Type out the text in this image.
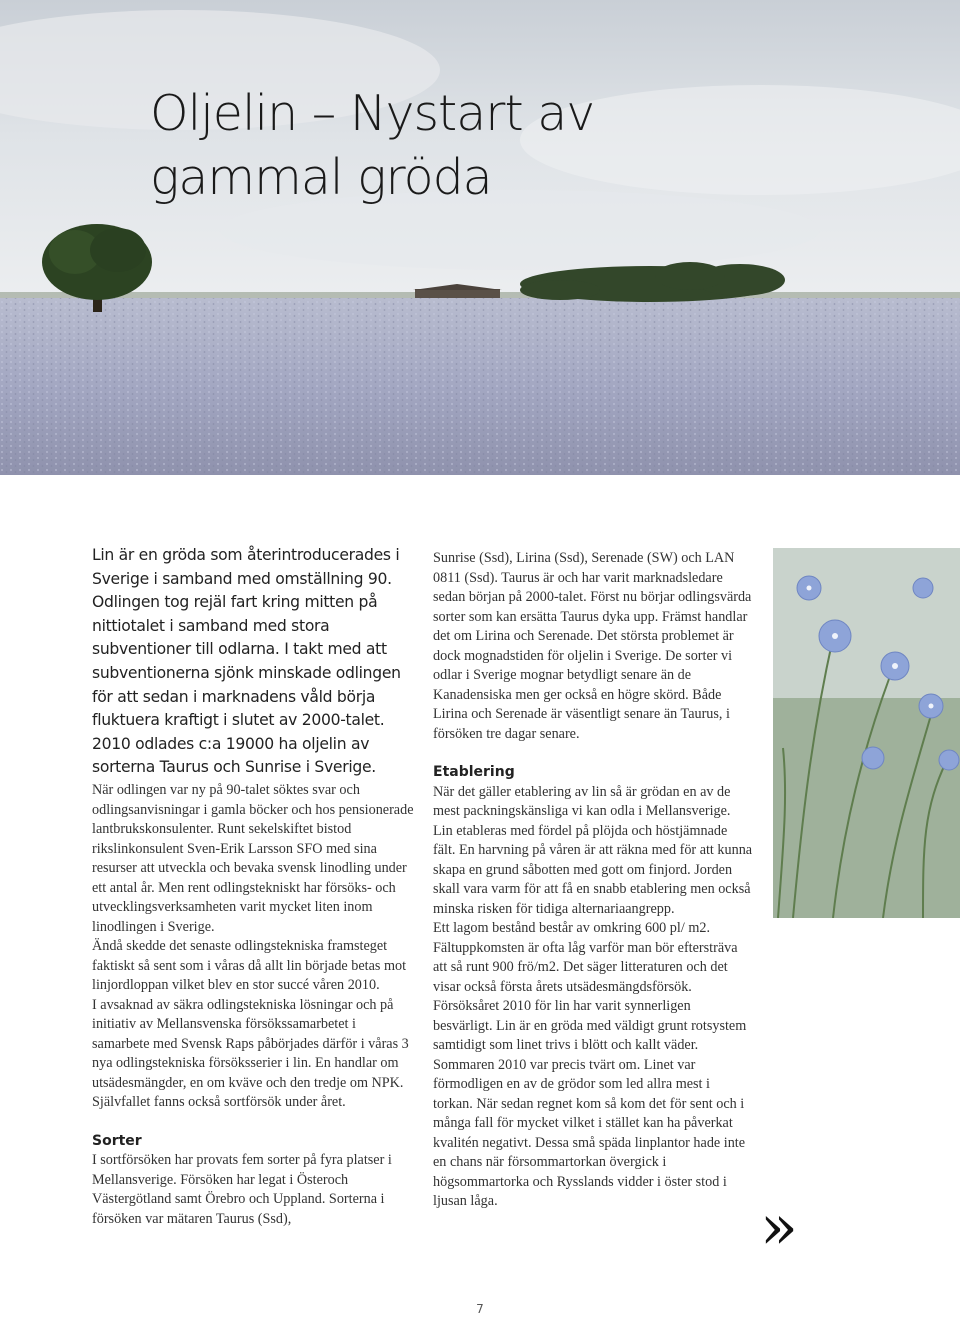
Oljelin – Nystart av
gammal gröda

Lin är en gröda som återintroducerades i Sverige i samband med omställning 90. Odlingen tog rejäl fart kring mitten på nittiotalet i samband med stora subventioner till odlarna. I takt med att subventionerna sjönk minskade odlingen för att sedan i marknadens våld börja fluktuera kraftigt i slutet av 2000-talet. 2010 odlades c:a 19000 ha oljelin av sorterna Taurus och Sunrise i Sverige.

När odlingen var ny på 90-talet söktes svar och odlingsanvisningar i gamla böcker och hos pensionerade lantbrukskonsulenter. Runt sekelskiftet bistod rikslinkonsulent Sven-Erik Larsson SFO med sina resurser att utveckla och bevaka svensk linodling under ett antal år. Men rent odlingstekniskt har försöks- och utvecklingsverksamheten varit mycket liten inom linodlingen i Sverige.

Ändå skedde det senaste odlingstekniska framsteget faktiskt så sent som i våras då allt lin började betas mot linjordloppan vilket blev en stor succé våren 2010.

I avsaknad av säkra odlingstekniska lösningar och på initiativ av Mellansvenska försökssamarbetet i samarbete med Svensk Raps påbörjades därför i våras 3 nya odlingstekniska försöksserier i lin. En handlar om utsädesmängder, en om kväve och den tredje om NPK. Självfallet fanns också sortförsök under året.

Sorter

I sortförsöken har provats fem sorter på fyra platser i Mellansverige. Försöken har legat i Österoch Västergötland samt Örebro och Uppland. Sorterna i försöken var mätaren Taurus (Ssd),

Sunrise (Ssd), Lirina (Ssd), Serenade (SW) och LAN 0811 (Ssd). Taurus är och har varit marknadsledare sedan början på 2000-talet. Först nu börjar odlingsvärda sorter som kan ersätta Taurus dyka upp. Främst handlar det om Lirina och Serenade. Det största problemet är dock mognadstiden för oljelin i Sverige. De sorter vi odlar i Sverige mognar betydligt senare än de Kanadensiska men ger också en högre skörd. Både Lirina och Serenade är väsentligt senare än Taurus, i försöken tre dagar senare.

Etablering

När det gäller etablering av lin så är grödan en av de mest packningskänsliga vi kan odla i Mellansverige. Lin etableras med fördel på plöjda och höstjämnade fält. En harvning på våren är att räkna med för att kunna skapa en grund såbotten med gott om finjord. Jorden skall vara varm för att få en snabb etablering men också minska risken för tidiga alternariaangrepp.

Ett lagom bestånd består av omkring 600 pl/ m2. Fältuppkomsten är ofta låg varför man bör eftersträva att så runt 900 frö/m2. Det säger litteraturen och det visar också första årets utsädesmängdsförsök.

Försöksåret 2010 för lin har varit synnerligen besvärligt. Lin är en gröda med väldigt grunt rotsystem samtidigt som linet trivs i blött och kallt väder. Sommaren 2010 var precis tvärt om. Linet var förmodligen en av de grödor som led allra mest i torkan. När sedan regnet kom så kom det för sent och i många fall för mycket vilket i stället kan ha påverkat kvalitén negativt. Dessa små späda linplantor hade inte en chans när försommartorkan övergick i högsommartorka och Rysslands vidder i öster stod i ljusan låga.	»
7
